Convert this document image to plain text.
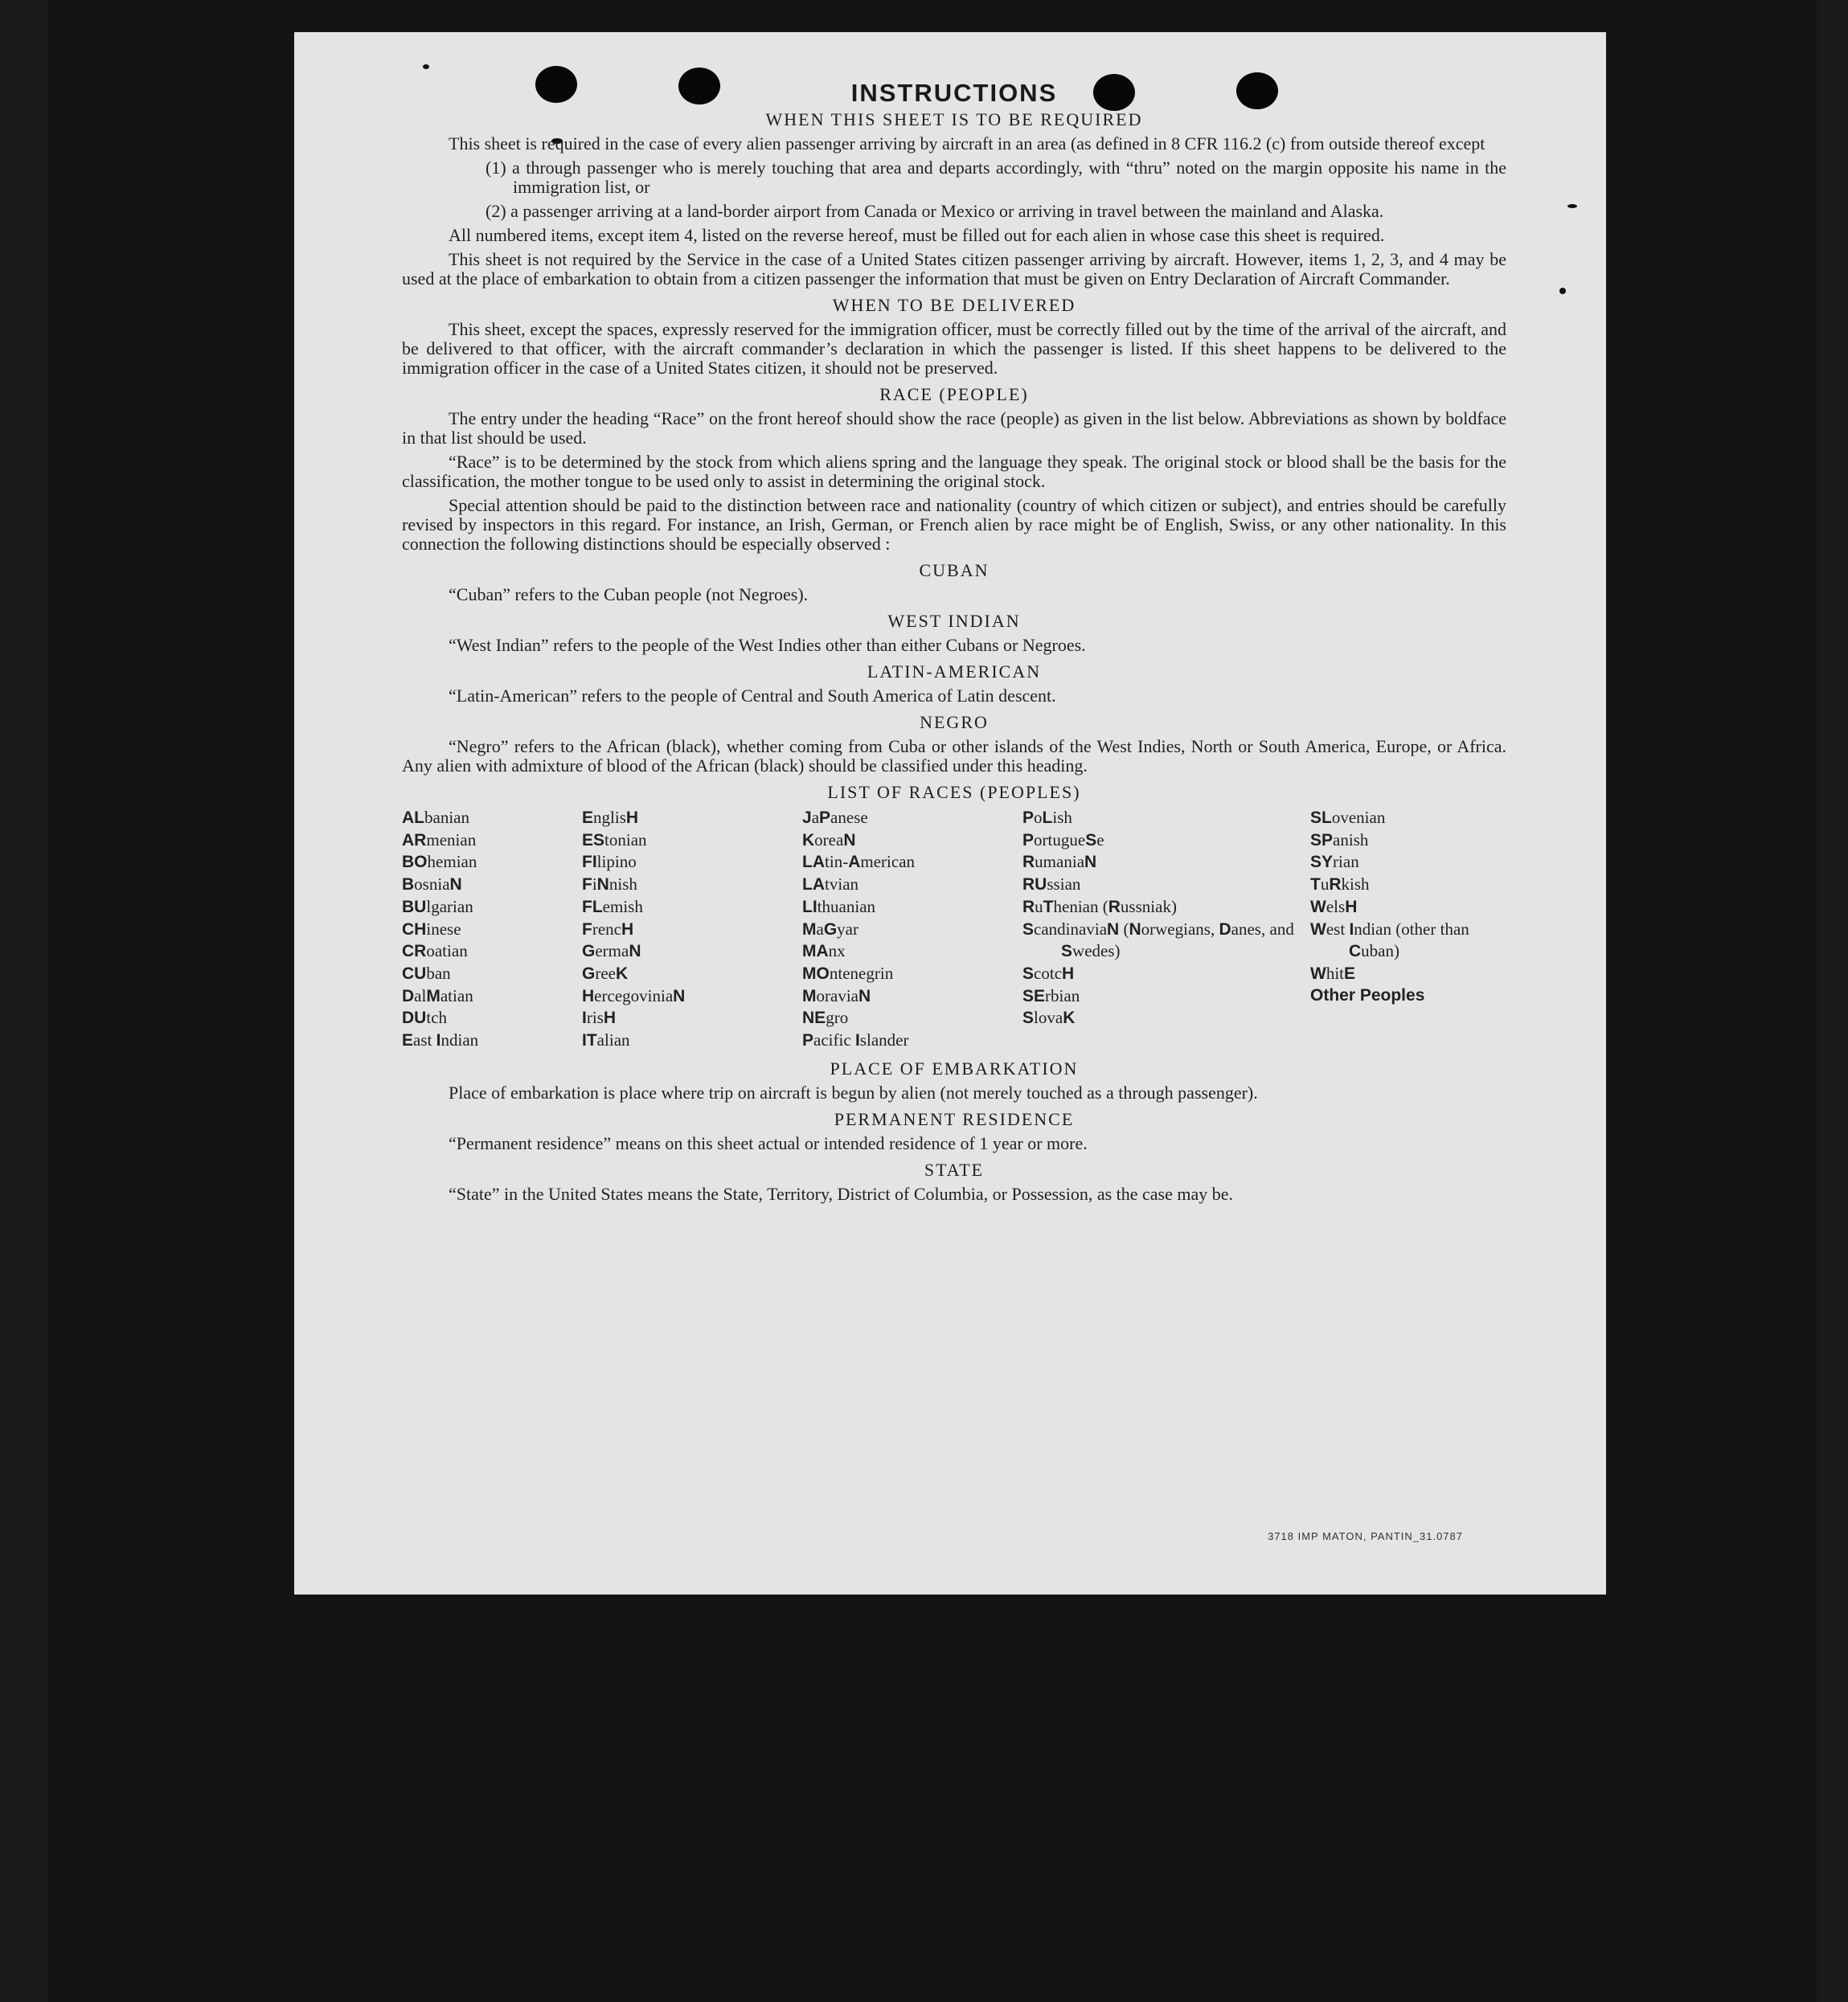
INSTRUCTIONS
WHEN THIS SHEET IS TO BE REQUIRED

This sheet is required in the case of every alien passenger arriving by aircraft in an area (as defined in 8 CFR 116.2 (c) from outside thereof except

(1) a through passenger who is merely touching that area and departs accordingly, with “thru” noted on the margin opposite his name in the immigration list, or

(2) a passenger arriving at a land-border airport from Canada or Mexico or arriving in travel between the mainland and Alaska.

All numbered items, except item 4, listed on the reverse hereof, must be filled out for each alien in whose case this sheet is required.

This sheet is not required by the Service in the case of a United States citizen passenger arriving by aircraft. However, items 1, 2, 3, and 4 may be used at the place of embarkation to obtain from a citizen passenger the information that must be given on Entry Declaration of Aircraft Commander.

WHEN TO BE DELIVERED

This sheet, except the spaces, expressly reserved for the immigration officer, must be correctly filled out by the time of the arrival of the aircraft, and be delivered to that officer, with the aircraft commander’s declaration in which the passenger is listed. If this sheet happens to be delivered to the immigration officer in the case of a United States citizen, it should not be preserved.

RACE (PEOPLE)

The entry under the heading “Race” on the front hereof should show the race (people) as given in the list below. Abbreviations as shown by boldface in that list should be used.

“Race” is to be determined by the stock from which aliens spring and the language they speak. The original stock or blood shall be the basis for the classification, the mother tongue to be used only to assist in determining the original stock.

Special attention should be paid to the distinction between race and nationality (country of which citizen or subject), and entries should be carefully revised by inspectors in this regard. For instance, an Irish, German, or French alien by race might be of English, Swiss, or any other nationality. In this connection the following distinctions should be especially observed :

CUBAN

“Cuban” refers to the Cuban people (not Negroes).

WEST INDIAN

“West Indian” refers to the people of the West Indies other than either Cubans or Negroes.

LATIN-AMERICAN

“Latin-American” refers to the people of Central and South America of Latin descent.

NEGRO

“Negro” refers to the African (black), whether coming from Cuba or other islands of the West Indies, North or South America, Europe, or Africa. Any alien with admixture of blood of the African (black) should be classified under this heading.

LIST OF RACES (PEOPLES)
ALbanian
ARmenian
BOhemian
BosniaN
BUlgarian
CHinese
CRoatian
CUban
DalMatian
DUtch
East Indian
EnglisH
EStonian
FIlipino
FiNnish
FLemish
FrencH
GermaN
GreeK
HercegoviniaN
IrisH
ITalian
JaPanese
KoreaN
LAtin-American
LAtvian
LIthuanian
MaGyar
MAnx
MOntenegrin
MoraviaN
NEgro
Pacific Islander
PoLish
PortugueSe
RumaniaN
RUssian
RuThenian (Russniak)
ScandinaviaN (Norwegians, Danes, and Swedes)
ScotcH
SErbian
SlovaK
SLovenian
SPanish
SYrian
TuRkish
WelsH
West Indian (other than Cuban)
WhitE
Other Peoples
PLACE OF EMBARKATION

Place of embarkation is place where trip on aircraft is begun by alien (not merely touched as a through passenger).

PERMANENT RESIDENCE

“Permanent residence” means on this sheet actual or intended residence of 1 year or more.

STATE

“State” in the United States means the State, Territory, District of Columbia, or Possession, as the case may be.

3718 IMP MATON, PANTIN_31.0787
